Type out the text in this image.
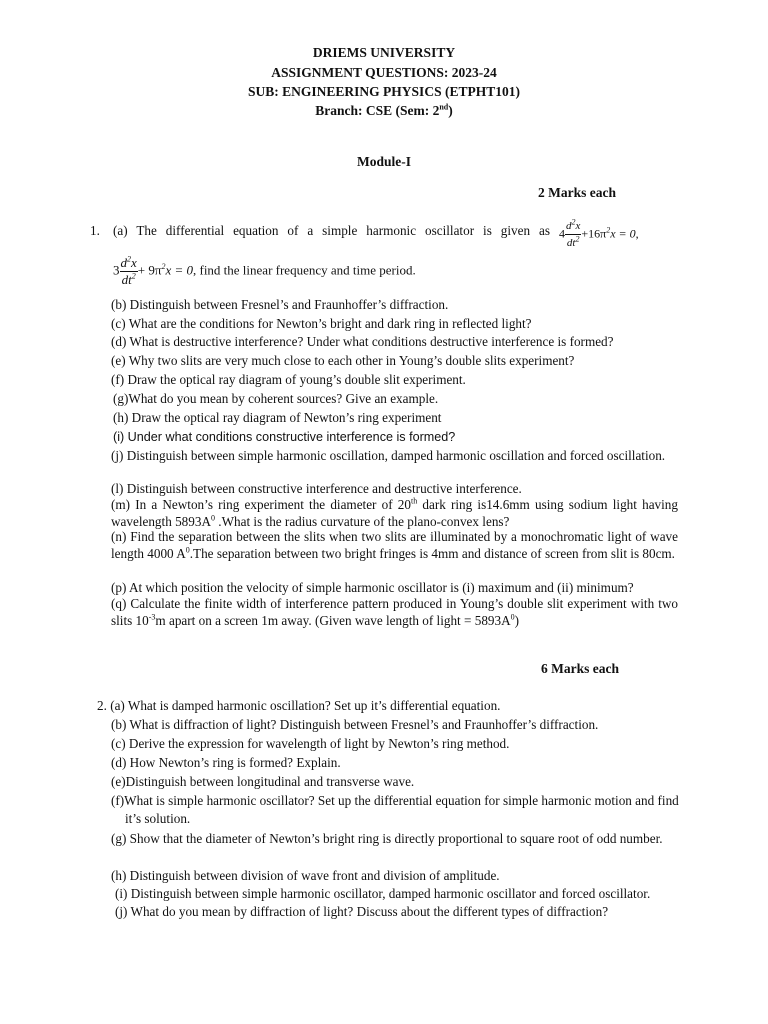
DRIEMS UNIVERSITY
ASSIGNMENT QUESTIONS: 2023-24
SUB: ENGINEERING PHYSICS (ETPHT101)
Branch: CSE (Sem: 2nd)
Module-I
2 Marks each
1. (a) The differential equation of a simple harmonic oscillator is given as $4 \frac{d^2x}{dt^2} +16\pi^2x = 0$,
$3 \frac{d^2x}{dt^2} + 9\pi^2x = 0$, find the linear frequency and time period.
(b) Distinguish between Fresnel’s and Fraunhoffer’s diffraction.
(c) What are the conditions for Newton’s bright and dark ring in reflected light?
(d) What is destructive interference? Under what conditions destructive interference is formed?
(e) Why two slits are very much close to each other in Young’s double slits experiment?
(f) Draw the optical ray diagram of young’s double slit experiment.
(g)What do you mean by coherent sources? Give an example.
(h) Draw the optical ray diagram of Newton’s ring experiment
(i) Under what conditions constructive interference is formed?
(j) Distinguish between simple harmonic oscillation, damped harmonic oscillation and forced oscillation.
(l) Distinguish between constructive interference and destructive interference.
(m) In a Newton’s ring experiment the diameter of 20th dark ring is14.6mm using sodium light having wavelength $5893A^0$ .What is the radius curvature of the plano-convex lens?
(n) Find the separation between the slits when two slits are illuminated by a monochromatic light of wave length 4000 $A^0.The$ separation between two bright fringes is 4mm and distance of screen from slit is 80cm.
(p) At which position the velocity of simple harmonic oscillator is (i) maximum and (ii) minimum?
(q) Calculate the finite width of interference pattern produced in Young’s double slit experiment with two slits $10^{-3}m$ apart on a screen 1m away. (Given wave length of light = $5893A^0$)
6 Marks each
2. (a) What is damped harmonic oscillation? Set up it’s differential equation.
(b) What is diffraction of light? Distinguish between Fresnel’s and Fraunhoffer’s diffraction.
(c) Derive the expression for wavelength of light by Newton’s ring method.
(d) How Newton’s ring is formed? Explain.
(e)Distinguish between longitudinal and transverse wave.
(f)What is simple harmonic oscillator? Set up the differential equation for simple harmonic motion and find it’s solution.
(g) Show that the diameter of Newton’s bright ring is directly proportional to square root of odd number.
(h) Distinguish between division of wave front and division of amplitude.
(i) Distinguish between simple harmonic oscillator, damped harmonic oscillator and forced oscillator.
(j) What do you mean by diffraction of light? Discuss about the different types of diffraction?
